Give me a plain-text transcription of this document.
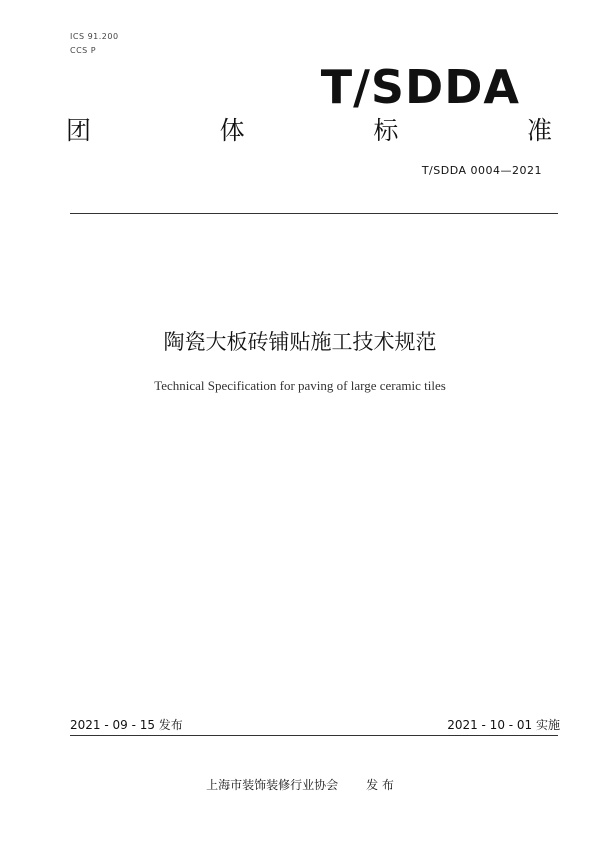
ICS 91.200
CCS P
T/SDDA
团	体	标	准
T/SDDA 0004—2021
陶瓷大板砖铺贴施工技术规范
Technical Specification for paving of large ceramic tiles
2021 - 09 - 15 发布	2021 - 10 - 01 实施
上海市装饰装修行业协会 发 布
